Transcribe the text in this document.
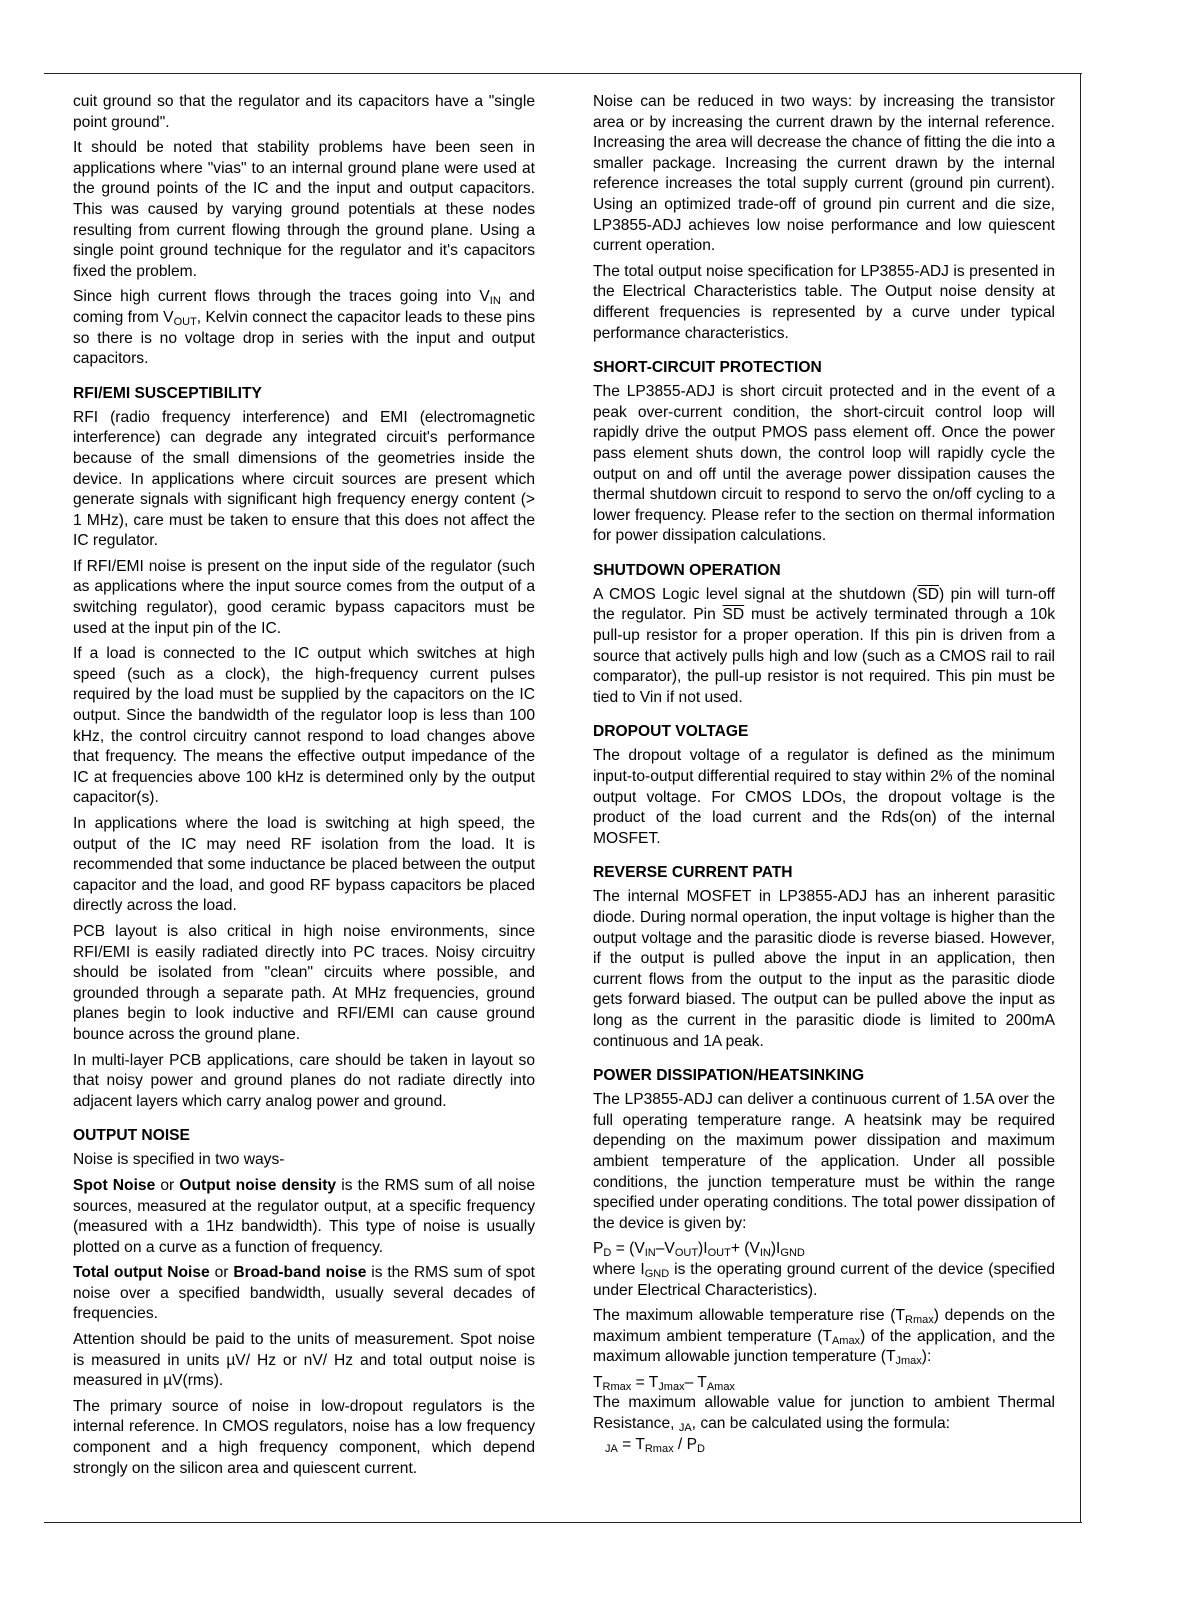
cuit ground so that the regulator and its capacitors have a "single point ground".

It should be noted that stability problems have been seen in applications where "vias" to an internal ground plane were used at the ground points of the IC and the input and output capacitors. This was caused by varying ground potentials at these nodes resulting from current flowing through the ground plane. Using a single point ground technique for the regulator and it's capacitors fixed the problem.

Since high current flows through the traces going into $V_{IN}$ and coming from $V_{OUT}$, Kelvin connect the capacitor leads to these pins so there is no voltage drop in series with the input and output capacitors.

RFI/EMI SUSCEPTIBILITY

RFI (radio frequency interference) and EMI (electromagnetic interference) can degrade any integrated circuit's performance because of the small dimensions of the geometries inside the device. In applications where circuit sources are present which generate signals with significant high frequency energy content (> 1 MHz), care must be taken to ensure that this does not affect the IC regulator.

If RFI/EMI noise is present on the input side of the regulator (such as applications where the input source comes from the output of a switching regulator), good ceramic bypass capacitors must be used at the input pin of the IC.

If a load is connected to the IC output which switches at high speed (such as a clock), the high-frequency current pulses required by the load must be supplied by the capacitors on the IC output. Since the bandwidth of the regulator loop is less than 100 kHz, the control circuitry cannot respond to load changes above that frequency. The means the effective output impedance of the IC at frequencies above 100 kHz is determined only by the output capacitor(s).

In applications where the load is switching at high speed, the output of the IC may need RF isolation from the load. It is recommended that some inductance be placed between the output capacitor and the load, and good RF bypass capacitors be placed directly across the load.

PCB layout is also critical in high noise environments, since RFI/EMI is easily radiated directly into PC traces. Noisy circuitry should be isolated from "clean" circuits where possible, and grounded through a separate path. At MHz frequencies, ground planes begin to look inductive and RFI/EMI can cause ground bounce across the ground plane.

In multi-layer PCB applications, care should be taken in layout so that noisy power and ground planes do not radiate directly into adjacent layers which carry analog power and ground.

OUTPUT NOISE

Noise is specified in two ways-

Spot Noise or Output noise density is the RMS sum of all noise sources, measured at the regulator output, at a specific frequency (measured with a 1Hz bandwidth). This type of noise is usually plotted on a curve as a function of frequency.

Total output Noise or Broad-band noise is the RMS sum of spot noise over a specified bandwidth, usually several decades of frequencies.

Attention should be paid to the units of measurement. Spot noise is measured in units µV/ Hz or nV/ Hz and total output noise is measured in µV(rms).

The primary source of noise in low-dropout regulators is the internal reference. In CMOS regulators, noise has a low frequency component and a high frequency component, which depend strongly on the silicon area and quiescent current.

Noise can be reduced in two ways: by increasing the transistor area or by increasing the current drawn by the internal reference. Increasing the area will decrease the chance of fitting the die into a smaller package. Increasing the current drawn by the internal reference increases the total supply current (ground pin current). Using an optimized trade-off of ground pin current and die size, LP3855-ADJ achieves low noise performance and low quiescent current operation.

The total output noise specification for LP3855-ADJ is presented in the Electrical Characteristics table. The Output noise density at different frequencies is represented by a curve under typical performance characteristics.

SHORT-CIRCUIT PROTECTION

The LP3855-ADJ is short circuit protected and in the event of a peak over-current condition, the short-circuit control loop will rapidly drive the output PMOS pass element off. Once the power pass element shuts down, the control loop will rapidly cycle the output on and off until the average power dissipation causes the thermal shutdown circuit to respond to servo the on/off cycling to a lower frequency. Please refer to the section on thermal information for power dissipation calculations.

SHUTDOWN OPERATION

A CMOS Logic level signal at the shutdown $(\overline{SD})$ pin will turn-off the regulator. Pin $\overline{SD}$ must be actively terminated through a 10k pull-up resistor for a proper operation. If this pin is driven from a source that actively pulls high and low (such as a CMOS rail to rail comparator), the pull-up resistor is not required. This pin must be tied to Vin if not used.

DROPOUT VOLTAGE

The dropout voltage of a regulator is defined as the minimum input-to-output differential required to stay within 2% of the nominal output voltage. For CMOS LDOs, the dropout voltage is the product of the load current and the Rds(on) of the internal MOSFET.

REVERSE CURRENT PATH

The internal MOSFET in LP3855-ADJ has an inherent parasitic diode. During normal operation, the input voltage is higher than the output voltage and the parasitic diode is reverse biased. However, if the output is pulled above the input in an application, then current flows from the output to the input as the parasitic diode gets forward biased. The output can be pulled above the input as long as the current in the parasitic diode is limited to 200mA continuous and 1A peak.

POWER DISSIPATION/HEATSINKING

The LP3855-ADJ can deliver a continuous current of 1.5A over the full operating temperature range. A heatsink may be required depending on the maximum power dissipation and maximum ambient temperature of the application. Under all possible conditions, the junction temperature must be within the range specified under operating conditions. The total power dissipation of the device is given by:

$P_D = (V_{IN}-V_{OUT})I_{OUT}+ (V_{IN})I_{GND}$

where $I_{GND}$ is the operating ground current of the device (specified under Electrical Characteristics).

The maximum allowable temperature rise $(T_{Rmax})$ depends on the maximum ambient temperature $(T_{Amax})$ of the application, and the maximum allowable junction temperature $(T_{Jmax})$:

$T_{Rmax} = T_{Jmax}-$ $T_{Amax}$

The maximum allowable value for junction to ambient Thermal Resistance, $_{JA}$, can be calculated using the formula:

$_{JA} = T_{Rmax} / P_D$
